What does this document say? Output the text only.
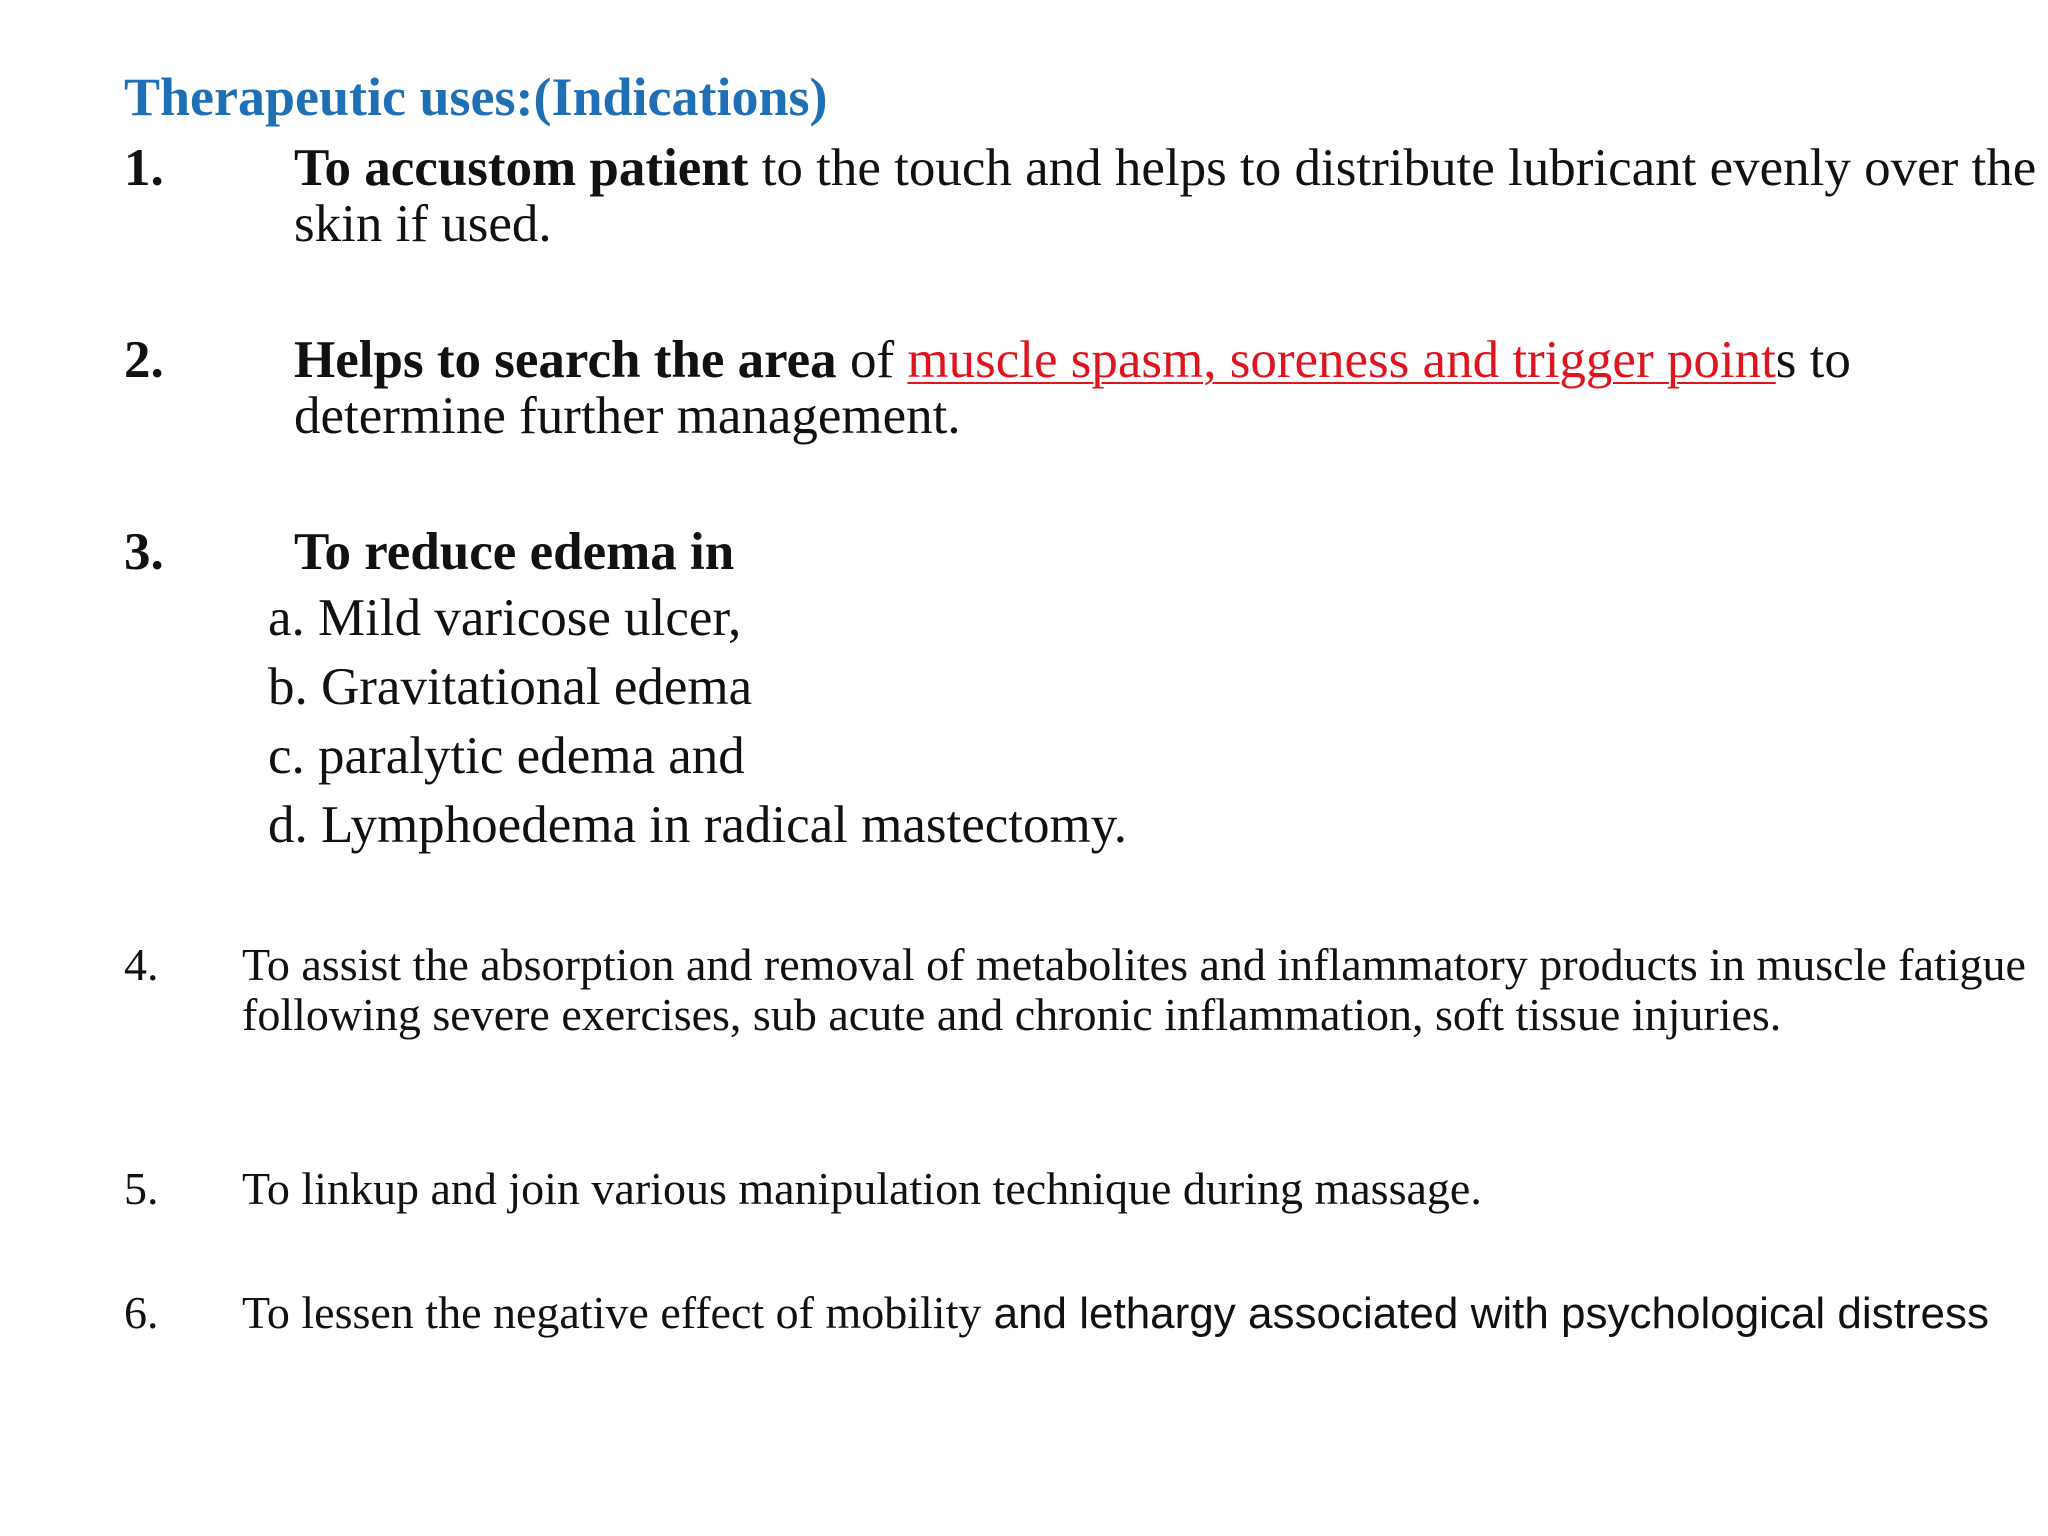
Therapeutic uses:(Indications)
1. To accustom patient to the touch and helps to distribute lubricant evenly over the skin if used.
2. Helps to search the area of muscle spasm, soreness and trigger points to determine further management.
3. To reduce edema in
a. Mild varicose ulcer,
b. Gravitational edema
c. paralytic edema and
d. Lymphoedema in radical mastectomy.
4. To assist the absorption and removal of metabolites and inflammatory products in muscle fatigue following severe exercises, sub acute and chronic inflammation, soft tissue injuries.
5. To linkup and join various manipulation technique during massage.
6. To lessen the negative effect of mobility and lethargy associated with psychological distress
